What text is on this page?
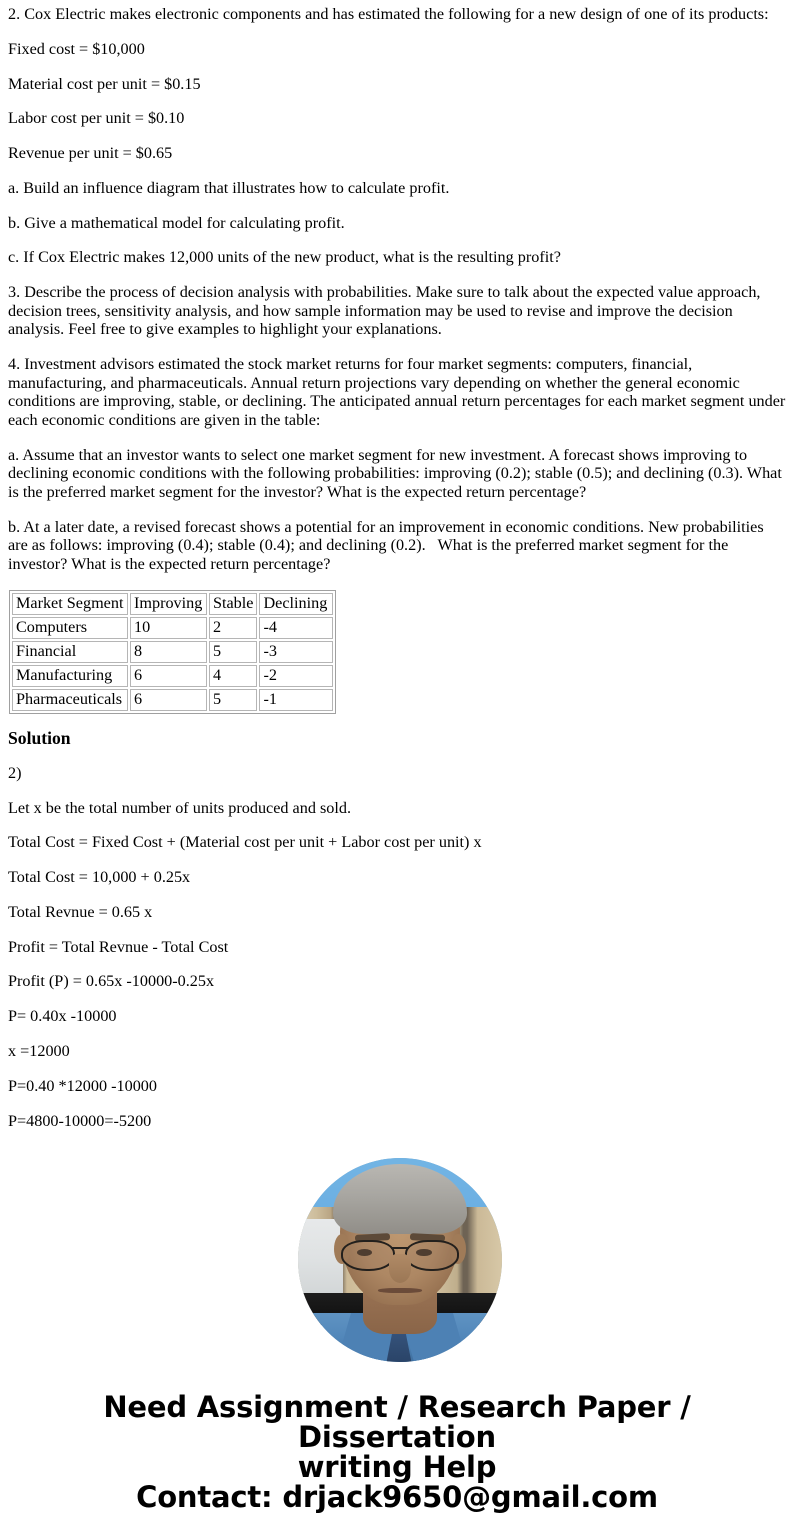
2. Cox Electric makes electronic components and has estimated the following for a new design of one of its products:

Fixed cost = $10,000

Material cost per unit = $0.15

Labor cost per unit = $0.10

Revenue per unit = $0.65

a. Build an influence diagram that illustrates how to calculate profit.

b. Give a mathematical model for calculating profit.

c. If Cox Electric makes 12,000 units of the new product, what is the resulting profit?

3. Describe the process of decision analysis with probabilities. Make sure to talk about the expected value approach, decision trees, sensitivity analysis, and how sample information may be used to revise and improve the decision analysis. Feel free to give examples to highlight your explanations.

4. Investment advisors estimated the stock market returns for four market segments: computers, financial, manufacturing, and pharmaceuticals. Annual return projections vary depending on whether the general economic conditions are improving, stable, or declining. The anticipated annual return percentages for each market segment under each economic conditions are given in the table:

a. Assume that an investor wants to select one market segment for new investment. A forecast shows improving to declining economic conditions with the following probabilities: improving (0.2); stable (0.5); and declining (0.3). What is the preferred market segment for the investor? What is the expected return percentage?

b. At a later date, a revised forecast shows a potential for an improvement in economic conditions. New probabilities are as follows: improving (0.4); stable (0.4); and declining (0.2).   What is the preferred market segment for the investor? What is the expected return percentage?

Market Segment	Improving	Stable	Declining
Computers	10	2	-4
Financial	8	5	-3
Manufacturing	6	4	-2
Pharmaceuticals	6	5	-1
Solution

2)

Let x be the total number of units produced and sold.

Total Cost = Fixed Cost + (Material cost per unit + Labor cost per unit) x

Total Cost = 10,000 + 0.25x

Total Revnue = 0.65 x

Profit = Total Revnue - Total Cost

Profit (P) = 0.65x -10000-0.25x

P= 0.40x -10000

x =12000

P=0.40 *12000 -10000

P=4800-10000=-5200

Need Assignment / Research Paper / Dissertation
writing Help
Contact: drjack9650@gmail.com
